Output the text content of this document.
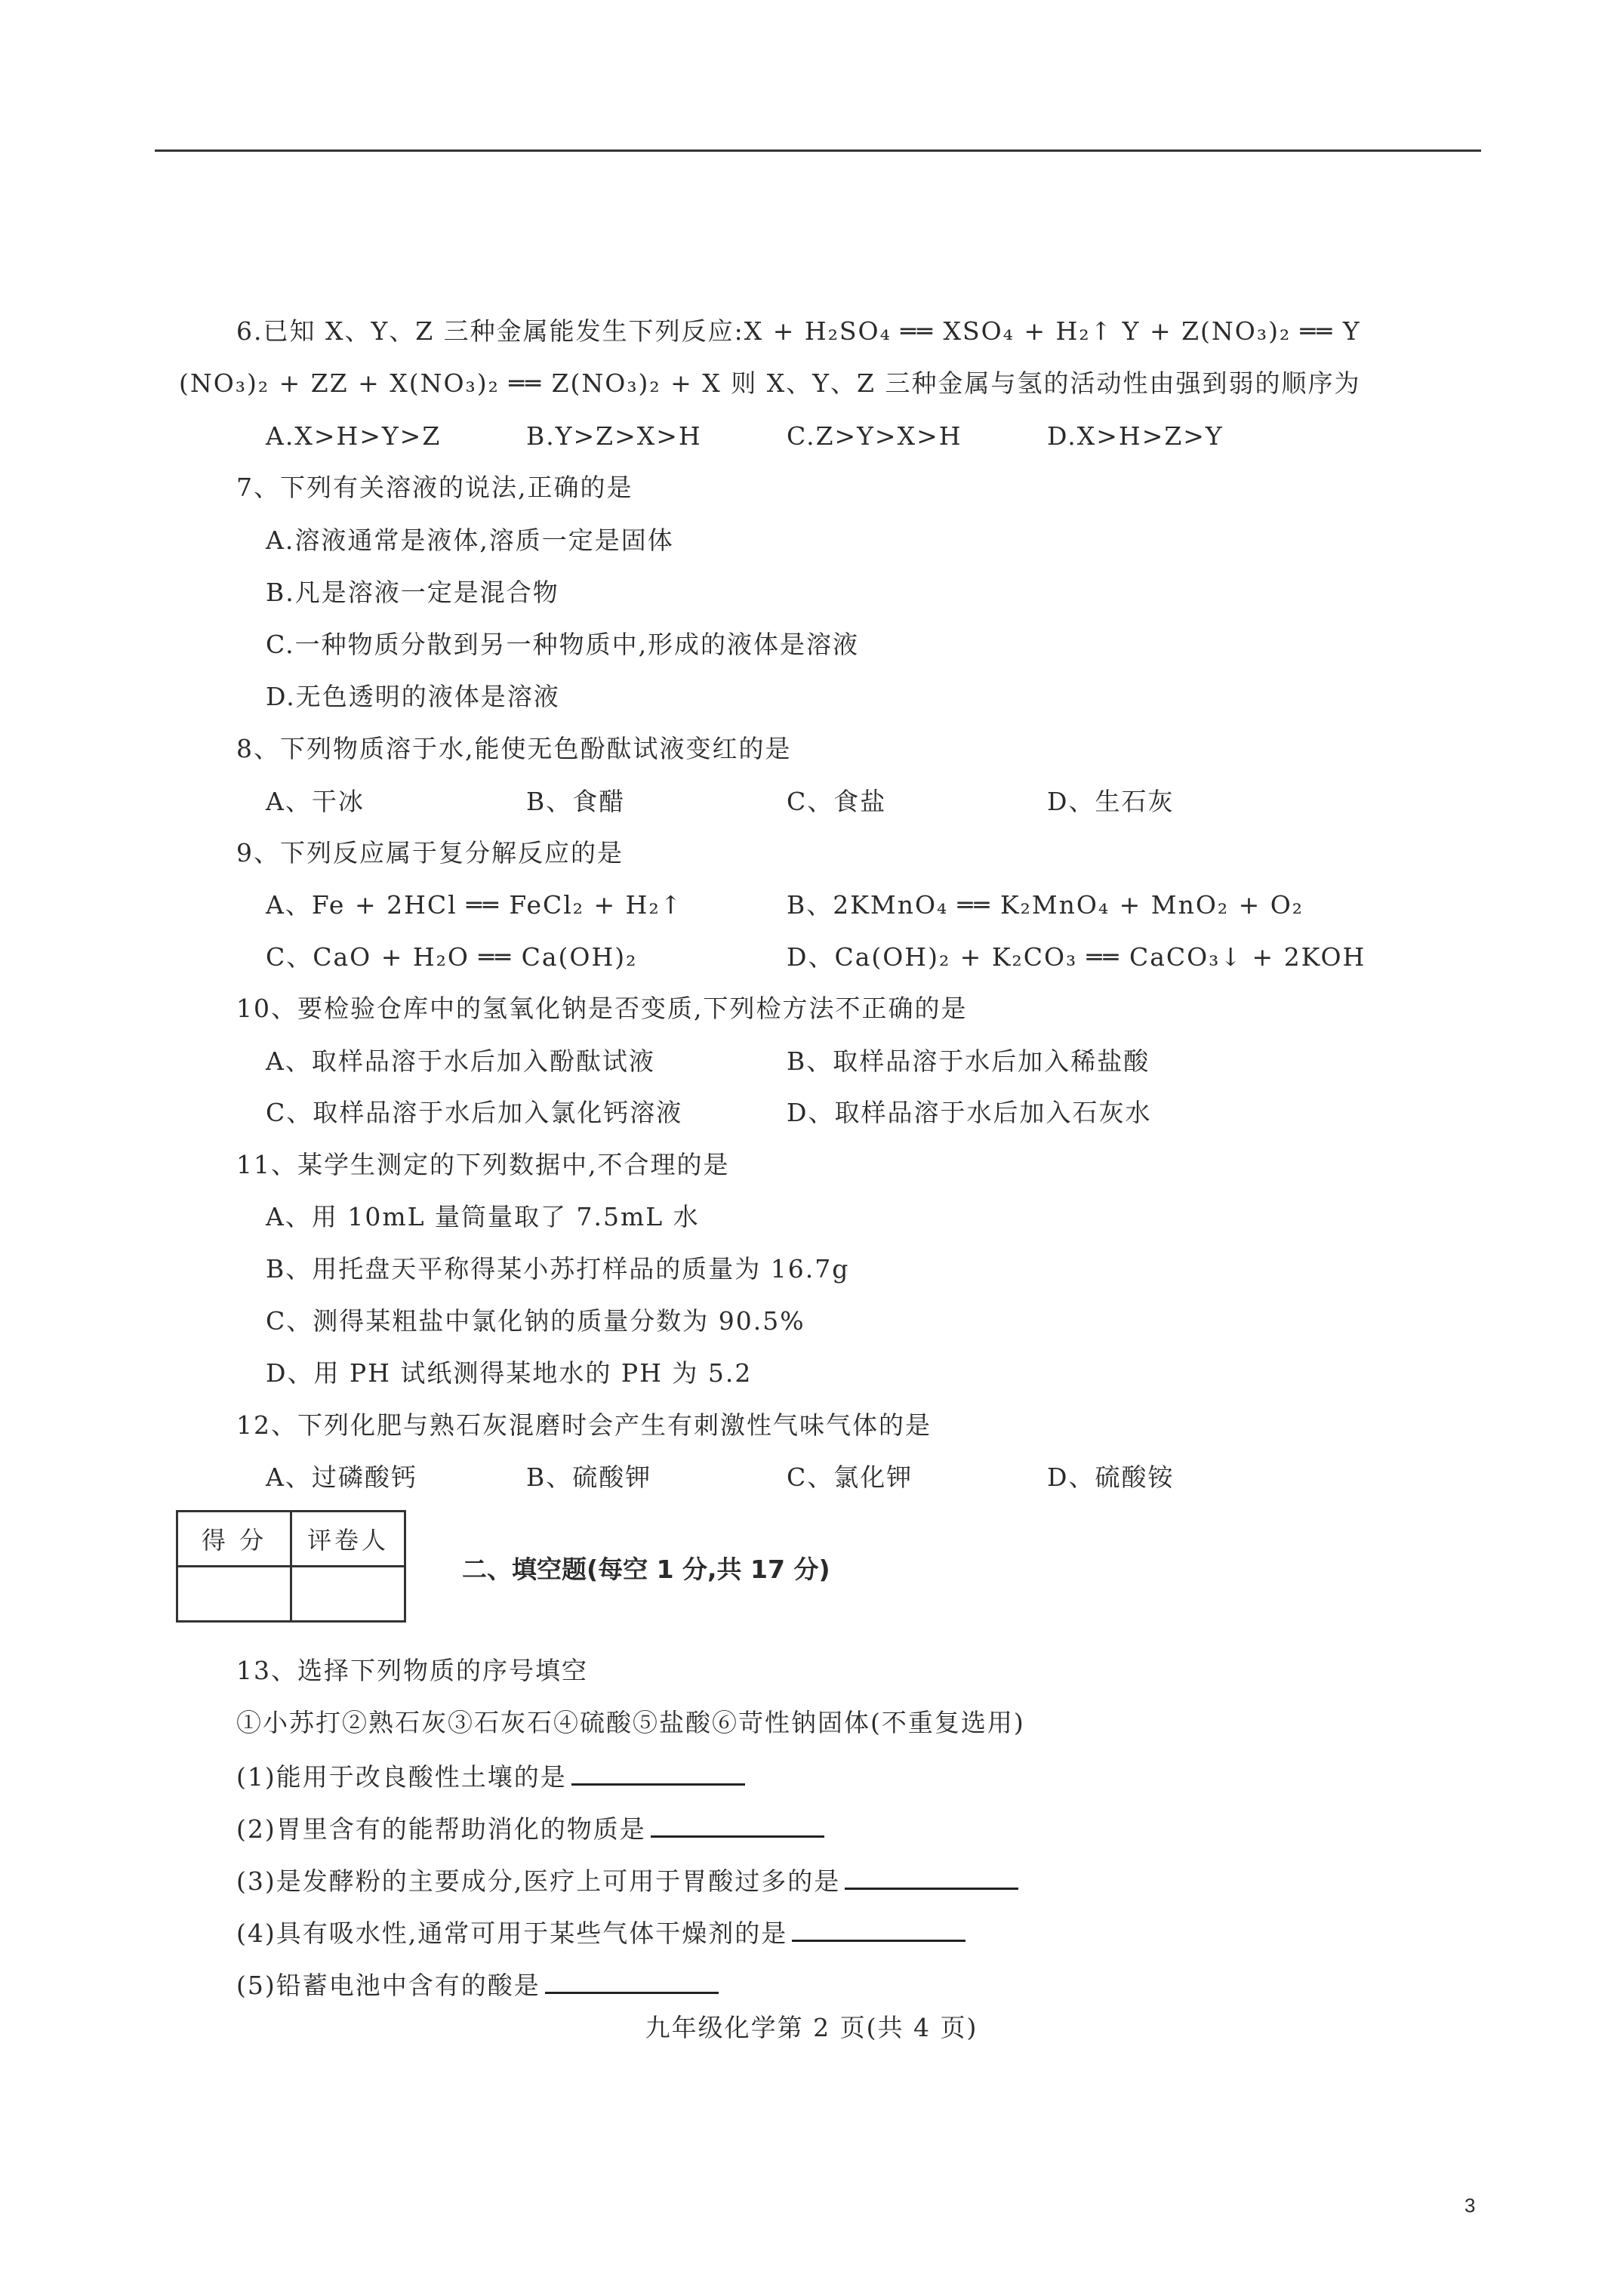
6.已知 X、Y、Z 三种金属能发生下列反应:X + H₂SO₄ ══ XSO₄ + H₂↑ Y + Z(NO₃)₂ ══ Y
(NO₃)₂ + ZZ + X(NO₃)₂ ══ Z(NO₃)₂ + X 则 X、Y、Z 三种金属与氢的活动性由强到弱的顺序为
A.X>H>Y>Z	B.Y>Z>X>H	C.Z>Y>X>H	D.X>H>Z>Y
7、下列有关溶液的说法,正确的是
A.溶液通常是液体,溶质一定是固体
B.凡是溶液一定是混合物
C.一种物质分散到另一种物质中,形成的液体是溶液
D.无色透明的液体是溶液
8、下列物质溶于水,能使无色酚酞试液变红的是
A、干冰	B、食醋	C、食盐	D、生石灰
9、下列反应属于复分解反应的是
A、Fe + 2HCl ══ FeCl₂ + H₂↑	B、2KMnO₄ ══ K₂MnO₄ + MnO₂ + O₂
C、CaO + H₂O ══ Ca(OH)₂	D、Ca(OH)₂ + K₂CO₃ ══ CaCO₃↓ + 2KOH
10、要检验仓库中的氢氧化钠是否变质,下列检方法不正确的是
A、取样品溶于水后加入酚酞试液	B、取样品溶于水后加入稀盐酸
C、取样品溶于水后加入氯化钙溶液	D、取样品溶于水后加入石灰水
11、某学生测定的下列数据中,不合理的是
A、用 10mL 量筒量取了 7.5mL 水
B、用托盘天平称得某小苏打样品的质量为 16.7g
C、测得某粗盐中氯化钠的质量分数为 90.5%
D、用 PH 试纸测得某地水的 PH 为 5.2
12、下列化肥与熟石灰混磨时会产生有刺激性气味气体的是
A、过磷酸钙	B、硫酸钾	C、氯化钾	D、硫酸铵
得 分	评卷人

二、填空题(每空 1 分,共 17 分)
13、选择下列物质的序号填空
①小苏打②熟石灰③石灰石④硫酸⑤盐酸⑥苛性钠固体(不重复选用)
(1)能用于改良酸性土壤的是
(2)胃里含有的能帮助消化的物质是
(3)是发酵粉的主要成分,医疗上可用于胃酸过多的是
(4)具有吸水性,通常可用于某些气体干燥剂的是
(5)铅蓄电池中含有的酸是
九年级化学第 2 页(共 4 页)
3
